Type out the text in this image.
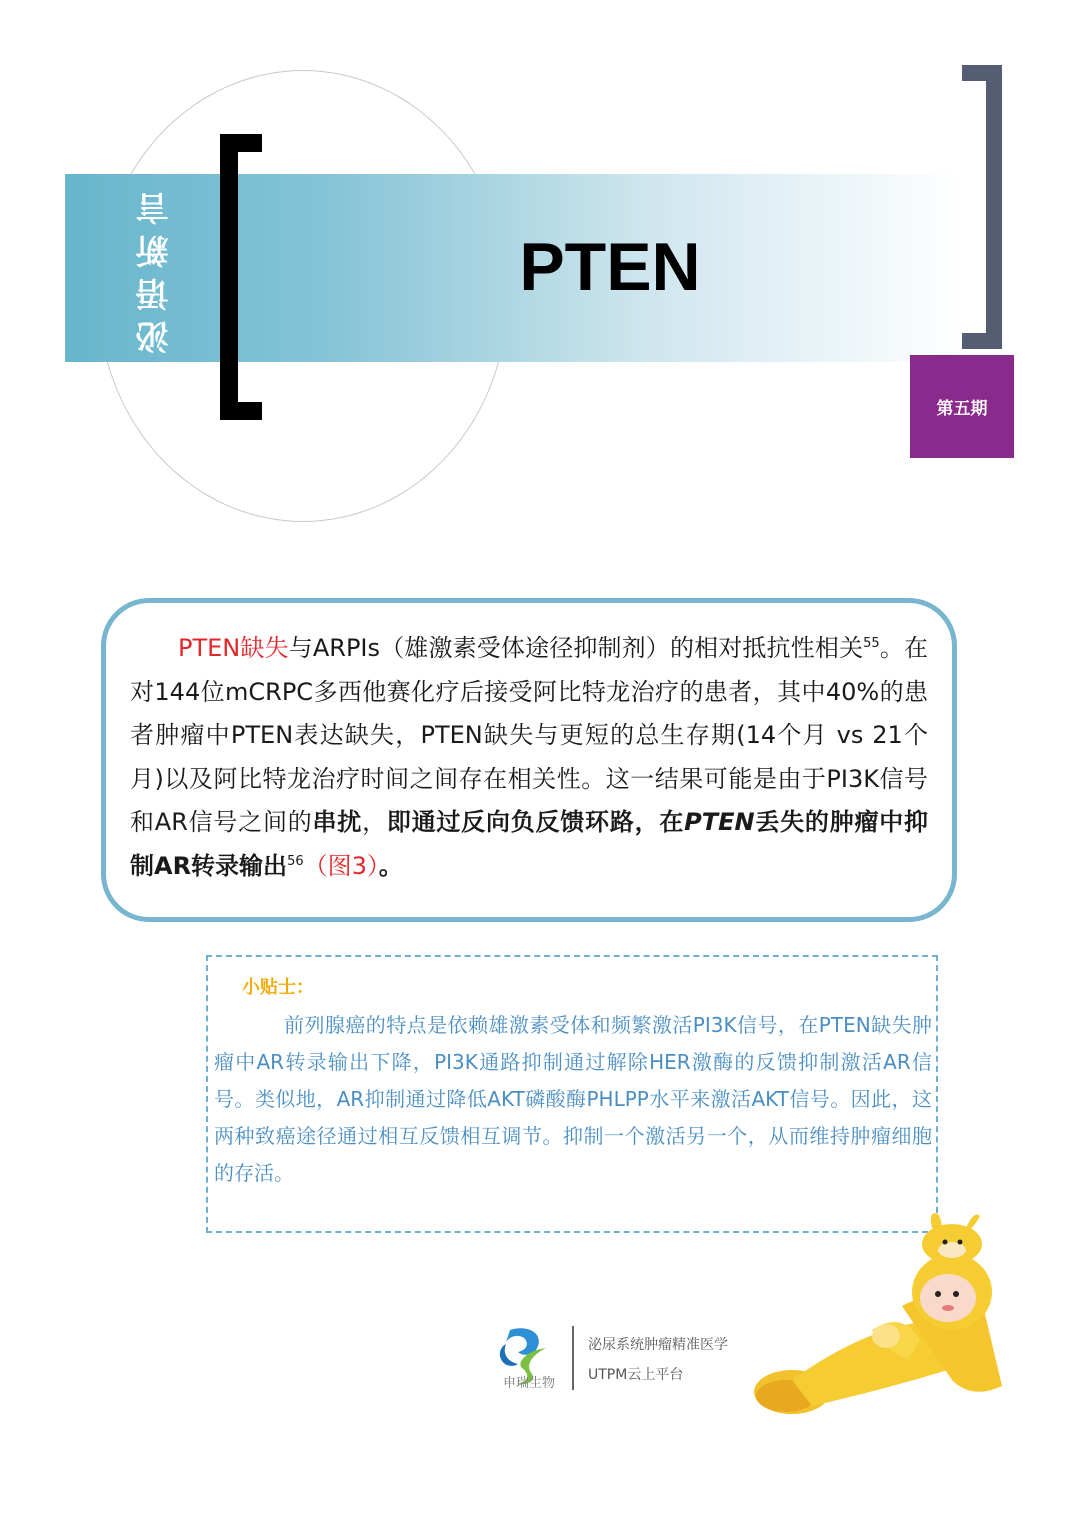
泌语新言	PTEN
第五期

PTEN缺失与ARPIs（雄激素受体途径抑制剂）的相对抵抗性相关$^{55}$。在对144位mCRPC多西他赛化疗后接受阿比特龙治疗的患者，其中40%的患者肿瘤中PTEN表达缺失，PTEN缺失与更短的总生存期(14个月 vs 21个月)以及阿比特龙治疗时间之间存在相关性。这一结果可能是由于PI3K信号和AR信号之间的串扰，即通过反向负反馈环路，在PTEN丢失的肿瘤中抑制AR转录输出$^{56}$（图3）。

小贴士：

前列腺癌的特点是依赖雄激素受体和频繁激活PI3K信号，在PTEN缺失肿瘤中AR转录输出下降，PI3K通路抑制通过解除HER激酶的反馈抑制激活AR信号。类似地，AR抑制通过降低AKT磷酸酶PHLPP水平来激活AKT信号。因此，这两种致癌途径通过相互反馈相互调节。抑制一个激活另一个，从而维持肿瘤细胞的存活。

申瑞生物
泌尿系统肿瘤精准医学
UTPM云上平台
